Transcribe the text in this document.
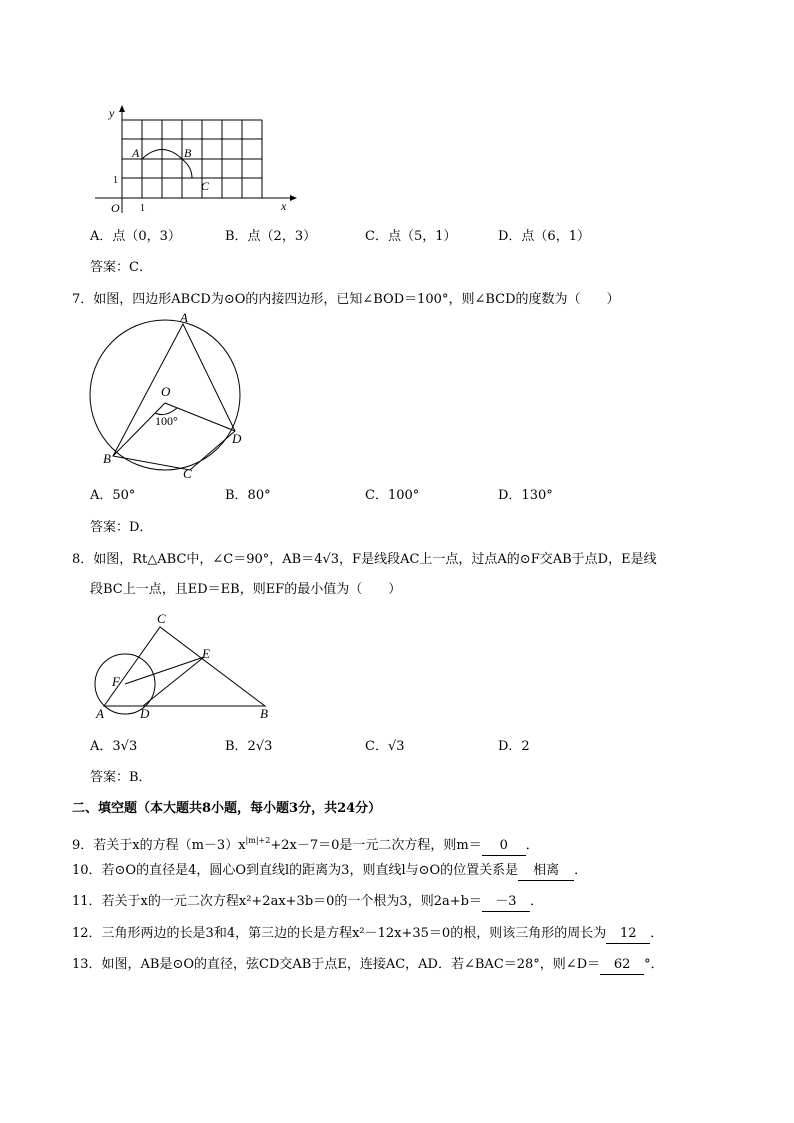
y
x
O 1
1
A	B
C
A．点（0，3）	B．点（2，3）	C．点（5，1）	D．点（6，1）
答案：C．
7．如图，四边形ABCD为⊙O的内接四边形，已知∠BOD＝100°，则∠BCD的度数为（　　）
A
O
100°
B
C
D
A．50°	B．80°	C．100°	D．130°
答案：D．
8．如图，Rt△ABC中，∠C＝90°，AB＝4√3，F是线段AC上一点，过点A的⊙F交AB于点D，E是线
段BC上一点，且ED＝EB，则EF的最小值为（　　）
C
E
F
A	D	B
A．3√3	B．2√3	C．√3	D．2
答案：B．
二、填空题（本大题共8小题，每小题3分，共24分）
9．若关于x的方程$(m-3)x^{|m|+2}+2x-7=0$是一元二次方程，则m＝ 0 ．
10．若⊙O的直径是4，圆心O到直线l的距离为3，则直线l与⊙O的位置关系是 相离 ．
11．若关于x的一元二次方程x²+2ax+3b＝0的一个根为3，则2a+b＝ －3 ．
12．三角形两边的长是3和4，第三边的长是方程x²－12x+35＝0的根，则该三角形的周长为 12 ．
13．如图，AB是⊙O的直径，弦CD交AB于点E，连接AC，AD．若∠BAC＝28°，则∠D＝ 62 °．
